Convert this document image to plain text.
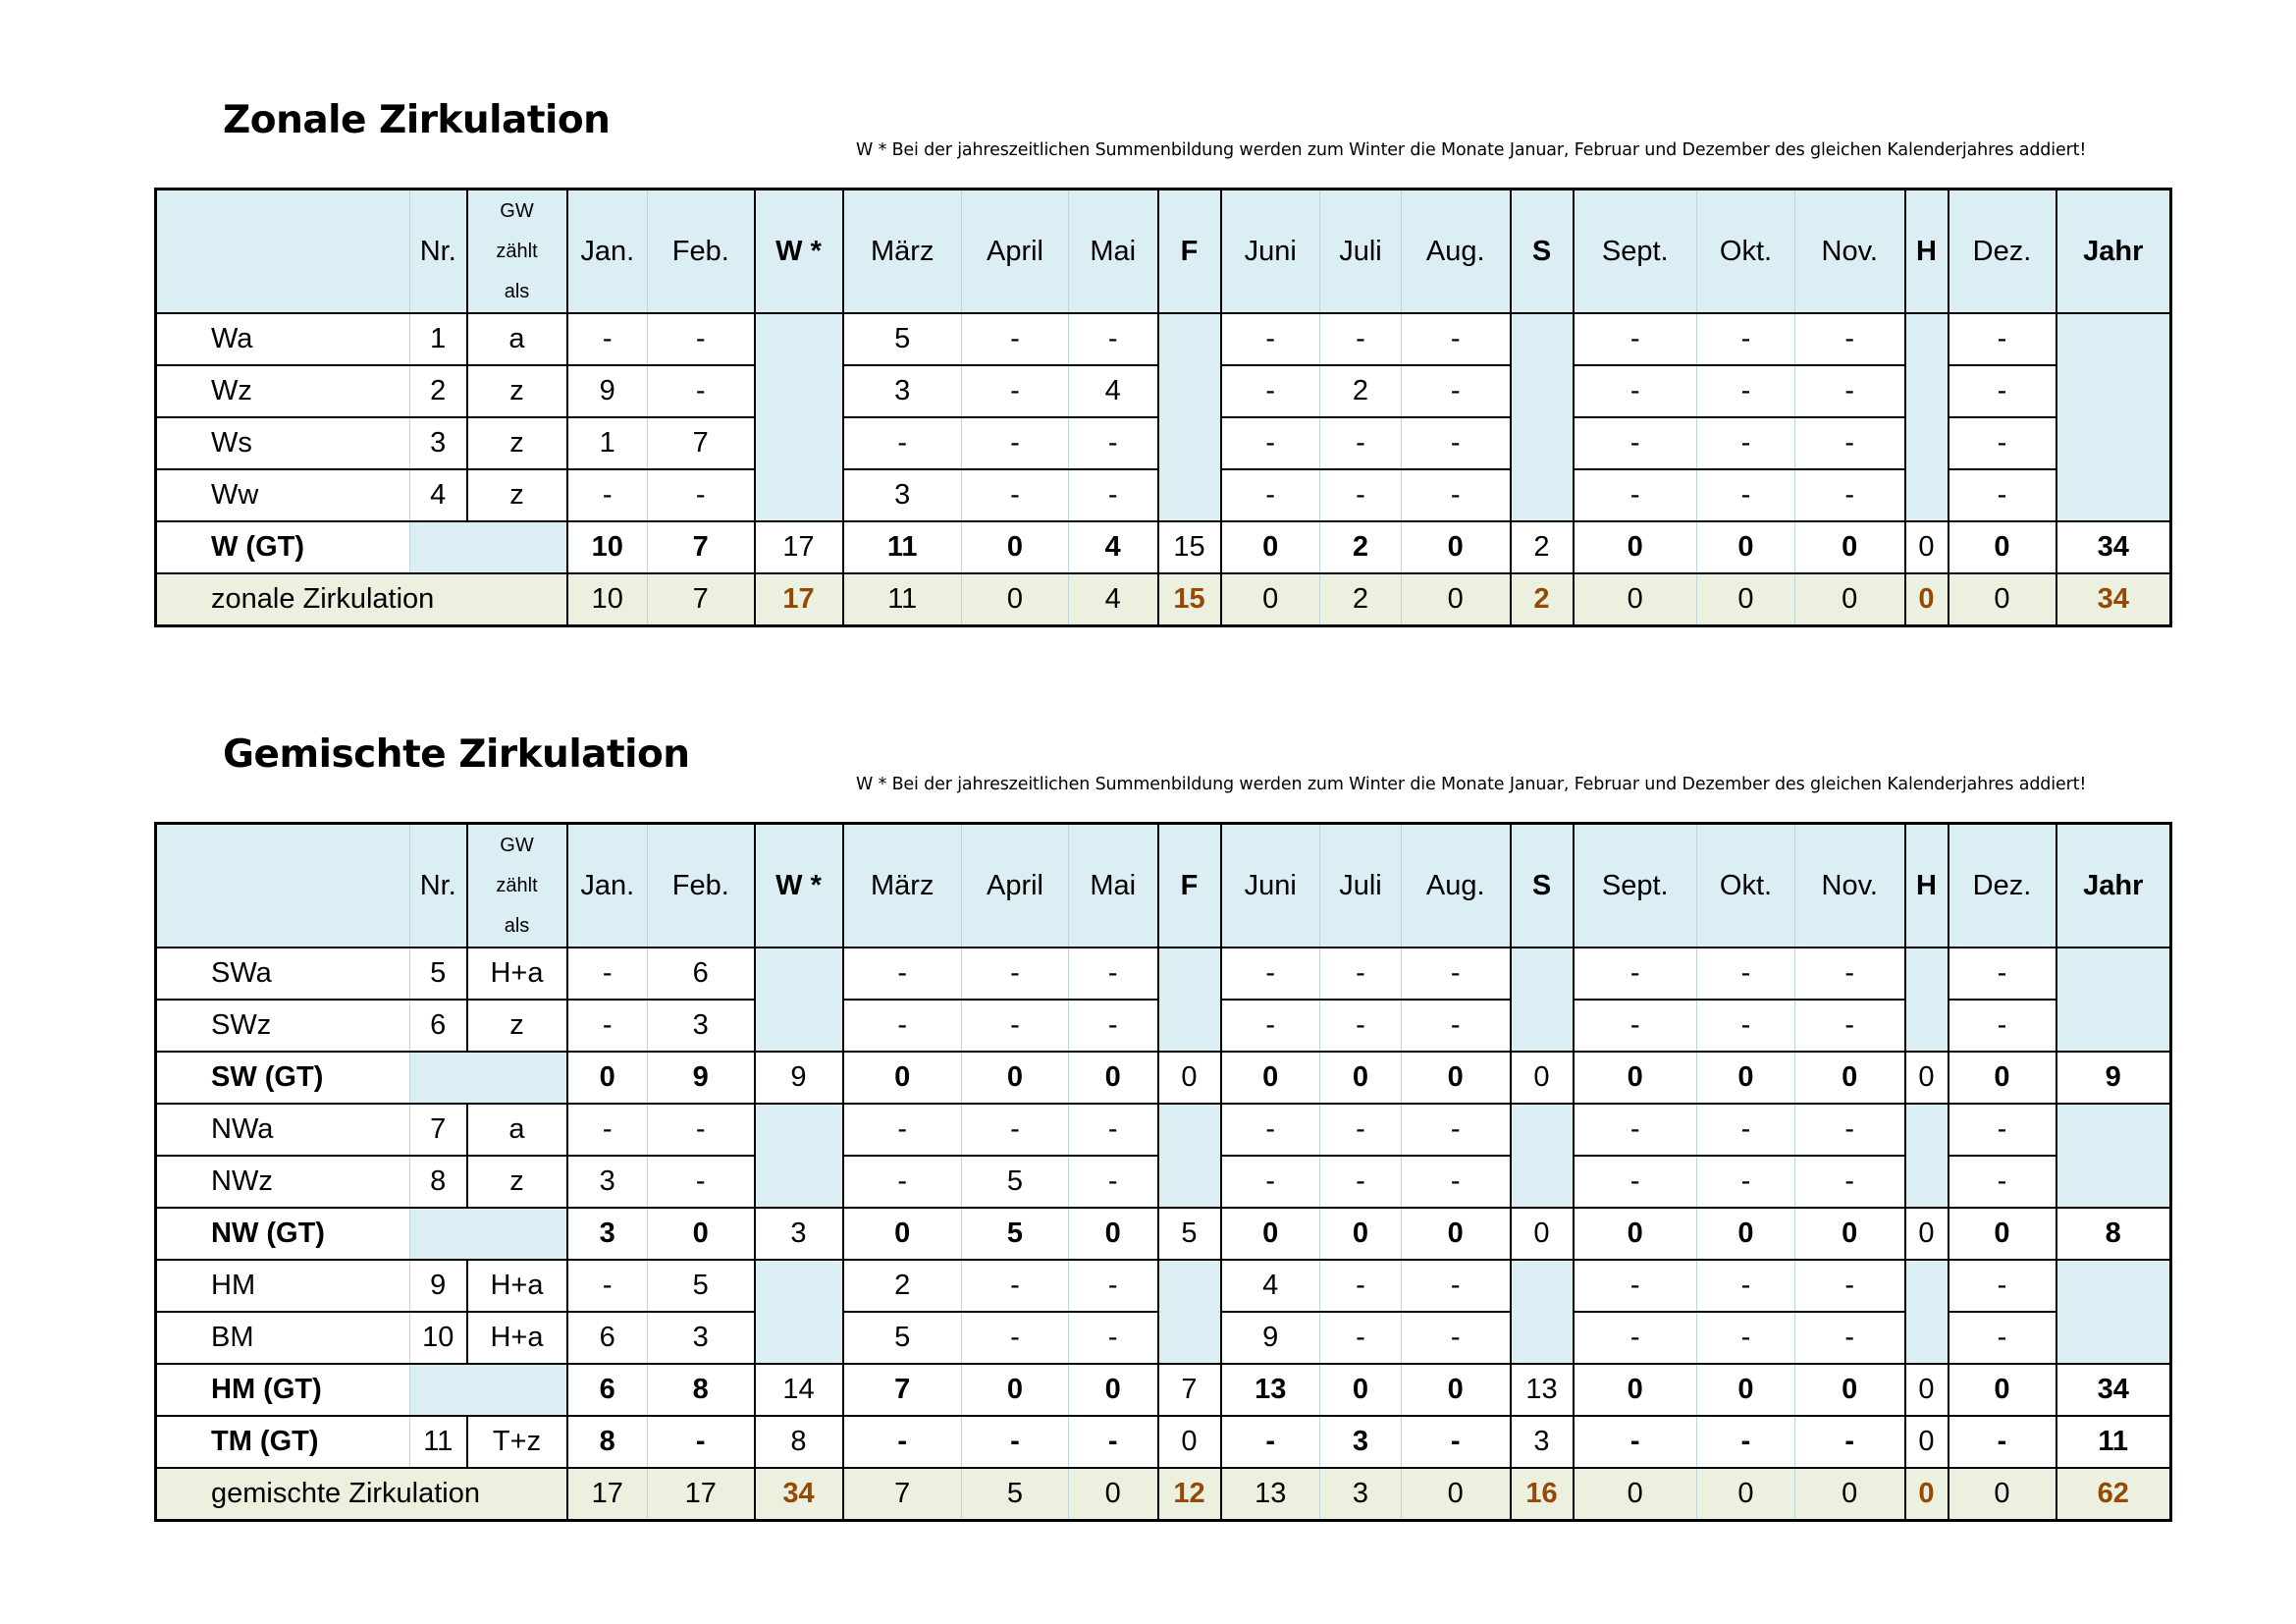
Zonale Zirkulation
W * Bei der jahreszeitlichen Summenbildung werden zum Winter die Monate Januar, Februar und Dezember des gleichen Kalenderjahres addiert!
	Nr.	GW
zählt
als	Jan.	Feb.	W *	März	April	Mai	F	Juni	Juli	Aug.	S	Sept.	Okt.	Nov.	H	Dez.	Jahr
Wa	1	a	-	-		5	-	-		-	-	-		-	-	-		-	
Wz	2	z	9	-		3	-	4		-	2	-		-	-	-		-	
Ws	3	z	1	7		-	-	-		-	-	-		-	-	-		-	
Ww	4	z	-	-		3	-	-		-	-	-		-	-	-		-	
W (GT)			10	7	17	11	0	4	15	0	2	0	2	0	0	0	0	0	34
zonale Zirkulation			10	7	17	11	0	4	15	0	2	0	2	0	0	0	0	0	34
Gemischte Zirkulation
W * Bei der jahreszeitlichen Summenbildung werden zum Winter die Monate Januar, Februar und Dezember des gleichen Kalenderjahres addiert!
	Nr.	GW
zählt
als	Jan.	Feb.	W *	März	April	Mai	F	Juni	Juli	Aug.	S	Sept.	Okt.	Nov.	H	Dez.	Jahr
SWa	5	H+a	-	6		-	-	-		-	-	-		-	-	-		-	
SWz	6	z	-	3		-	-	-		-	-	-		-	-	-		-	
SW (GT)			0	9	9	0	0	0	0	0	0	0	0	0	0	0	0	0	9
NWa	7	a	-	-		-	-	-		-	-	-		-	-	-		-	
NWz	8	z	3	-		-	5	-		-	-	-		-	-	-		-	
NW (GT)			3	0	3	0	5	0	5	0	0	0	0	0	0	0	0	0	8
HM	9	H+a	-	5		2	-	-		4	-	-		-	-	-		-	
BM	10	H+a	6	3		5	-	-		9	-	-		-	-	-		-	
HM (GT)			6	8	14	7	0	0	7	13	0	0	13	0	0	0	0	0	34
TM (GT)	11	T+z	8	-	8	-	-	-	0	-	3	-	3	-	-	-	0	-	11
gemischte Zirkulation			17	17	34	7	5	0	12	13	3	0	16	0	0	0	0	0	62
